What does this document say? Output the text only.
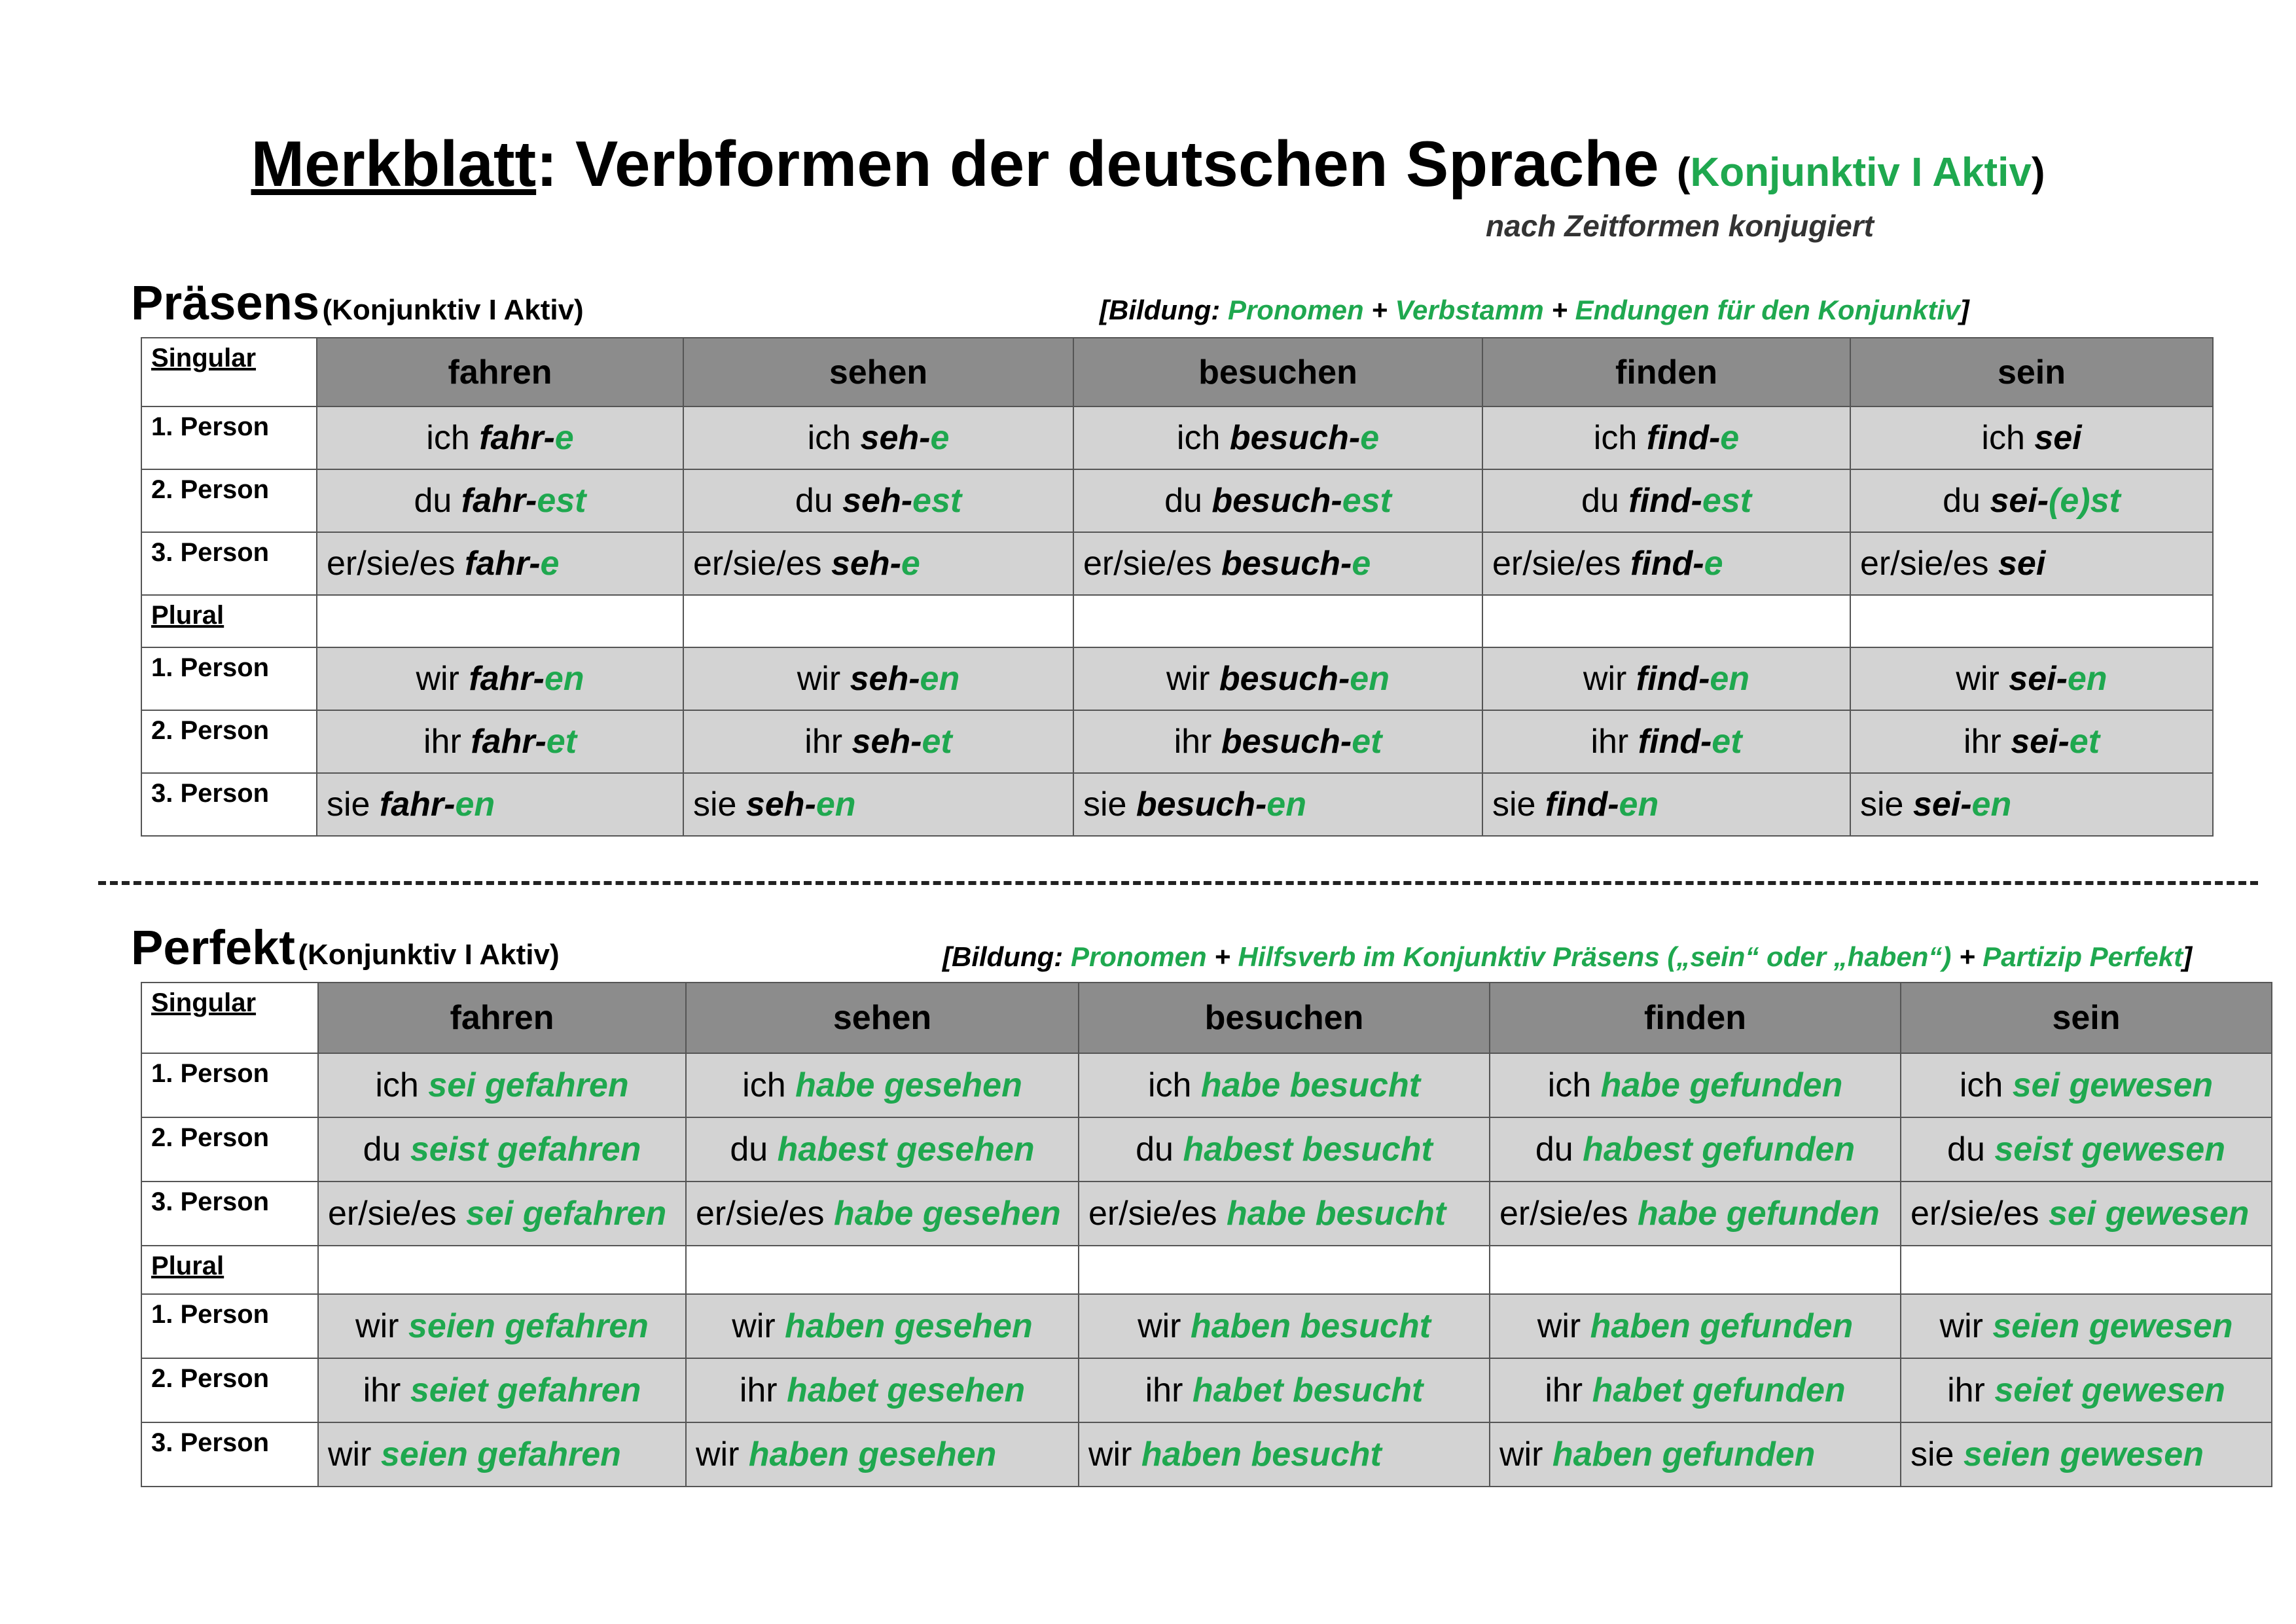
Merkblatt: Verbformen der deutschen Sprache (Konjunktiv I Aktiv)
nach Zeitformen konjugiert
Präsens (Konjunktiv I Aktiv)	[Bildung: Pronomen + Verbstamm + Endungen für den Konjunktiv]
Singular	fahren	sehen	besuchen	finden	sein
1. Person	ich fahr-e	ich seh-e	ich besuch-e	ich find-e	ich sei
2. Person	du fahr-est	du seh-est	du besuch-est	du find-est	du sei-(e)st
3. Person	er/sie/es fahr-e	er/sie/es seh-e	er/sie/es besuch-e	er/sie/es find-e	er/sie/es sei
Plural					
1. Person	wir fahr-en	wir seh-en	wir besuch-en	wir find-en	wir sei-en
2. Person	ihr fahr-et	ihr seh-et	ihr besuch-et	ihr find-et	ihr sei-et
3. Person	sie fahr-en	sie seh-en	sie besuch-en	sie find-en	sie sei-en
Perfekt (Konjunktiv I Aktiv)	[Bildung: Pronomen + Hilfsverb im Konjunktiv Präsens („sein“ oder „haben“) + Partizip Perfekt]
Singular	fahren	sehen	besuchen	finden	sein
1. Person	ich sei gefahren	ich habe gesehen	ich habe besucht	ich habe gefunden	ich sei gewesen
2. Person	du seist gefahren	du habest gesehen	du habest besucht	du habest gefunden	du seist gewesen
3. Person	er/sie/es sei gefahren	er/sie/es habe gesehen	er/sie/es habe besucht	er/sie/es habe gefunden	er/sie/es sei gewesen
Plural					
1. Person	wir seien gefahren	wir haben gesehen	wir haben besucht	wir haben gefunden	wir seien gewesen
2. Person	ihr seiet gefahren	ihr habet gesehen	ihr habet besucht	ihr habet gefunden	ihr seiet gewesen
3. Person	wir seien gefahren	wir haben gesehen	wir haben besucht	wir haben gefunden	sie seien gewesen
